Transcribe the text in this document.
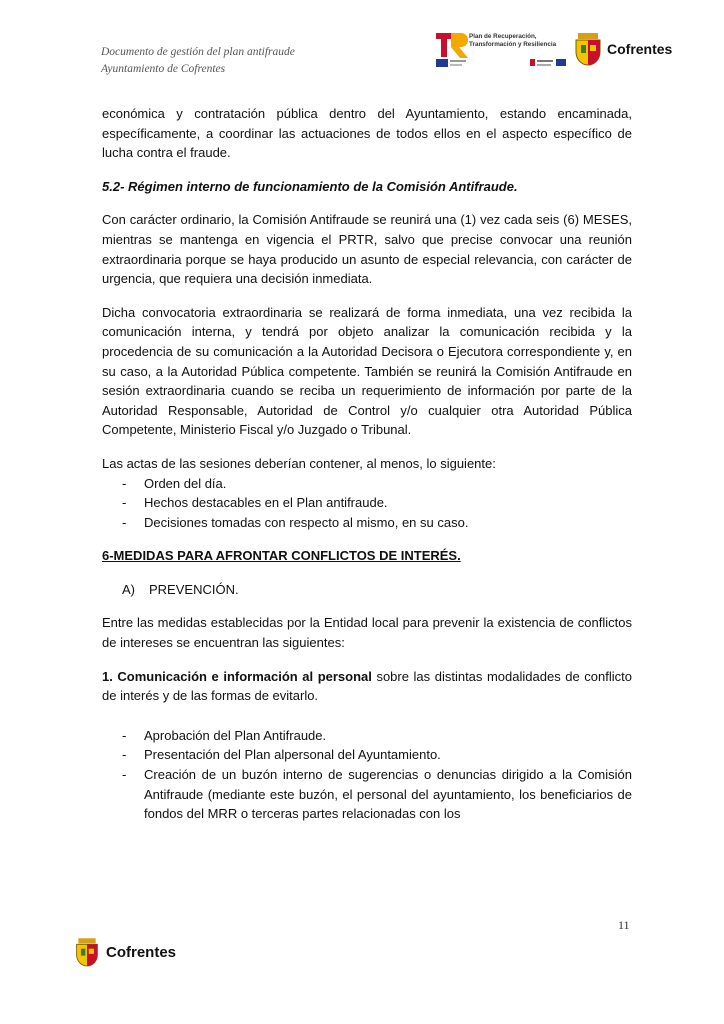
Documento de gestión del plan antifraude
Ayuntamiento de Cofrentes
Plan de Recuperación,
Transformación y Resiliencia	Cofrentes

económica y contratación pública dentro del Ayuntamiento, estando encaminada, específicamente, a coordinar las actuaciones de todos ellos en el aspecto específico de lucha contra el fraude.

5.2- Régimen interno de funcionamiento de la Comisión Antifraude.

Con carácter ordinario, la Comisión Antifraude se reunirá una (1) vez cada seis (6) MESES, mientras se mantenga en vigencia el PRTR, salvo que precise convocar una reunión extraordinaria porque se haya producido un asunto de especial relevancia, con carácter de urgencia, que requiera una decisión inmediata.

Dicha convocatoria extraordinaria se realizará de forma inmediata, una vez recibida la comunicación interna, y tendrá por objeto analizar la comunicación recibida y la procedencia de su comunicación a la Autoridad Decisora o Ejecutora correspondiente y, en su caso, a la Autoridad Pública competente. También se reunirá la Comisión Antifraude en sesión extraordinaria cuando se reciba un requerimiento de información por parte de la Autoridad Responsable, Autoridad de Control y/o cualquier otra Autoridad Pública Competente, Ministerio Fiscal y/o Juzgado o Tribunal.

Las actas de las sesiones deberían contener, al menos, lo siguiente:
- Orden del día.
- Hechos destacables en el Plan antifraude.
- Decisiones tomadas con respecto al mismo, en su caso.

6-MEDIDAS PARA AFRONTAR CONFLICTOS DE INTERÉS.

A) PREVENCIÓN.

Entre las medidas establecidas por la Entidad local para prevenir la existencia de conflictos de intereses se encuentran las siguientes:

1. Comunicación e información al personal sobre las distintas modalidades de conflicto de interés y de las formas de evitarlo.

- Aprobación del Plan Antifraude.
- Presentación del Plan alpersonal del Ayuntamiento.
- Creación de un buzón interno de sugerencias o denuncias dirigido a la Comisión Antifraude (mediante este buzón, el personal del ayuntamiento, los beneficiarios de fondos del MRR o terceras partes relacionadas con los
11
Cofrentes
